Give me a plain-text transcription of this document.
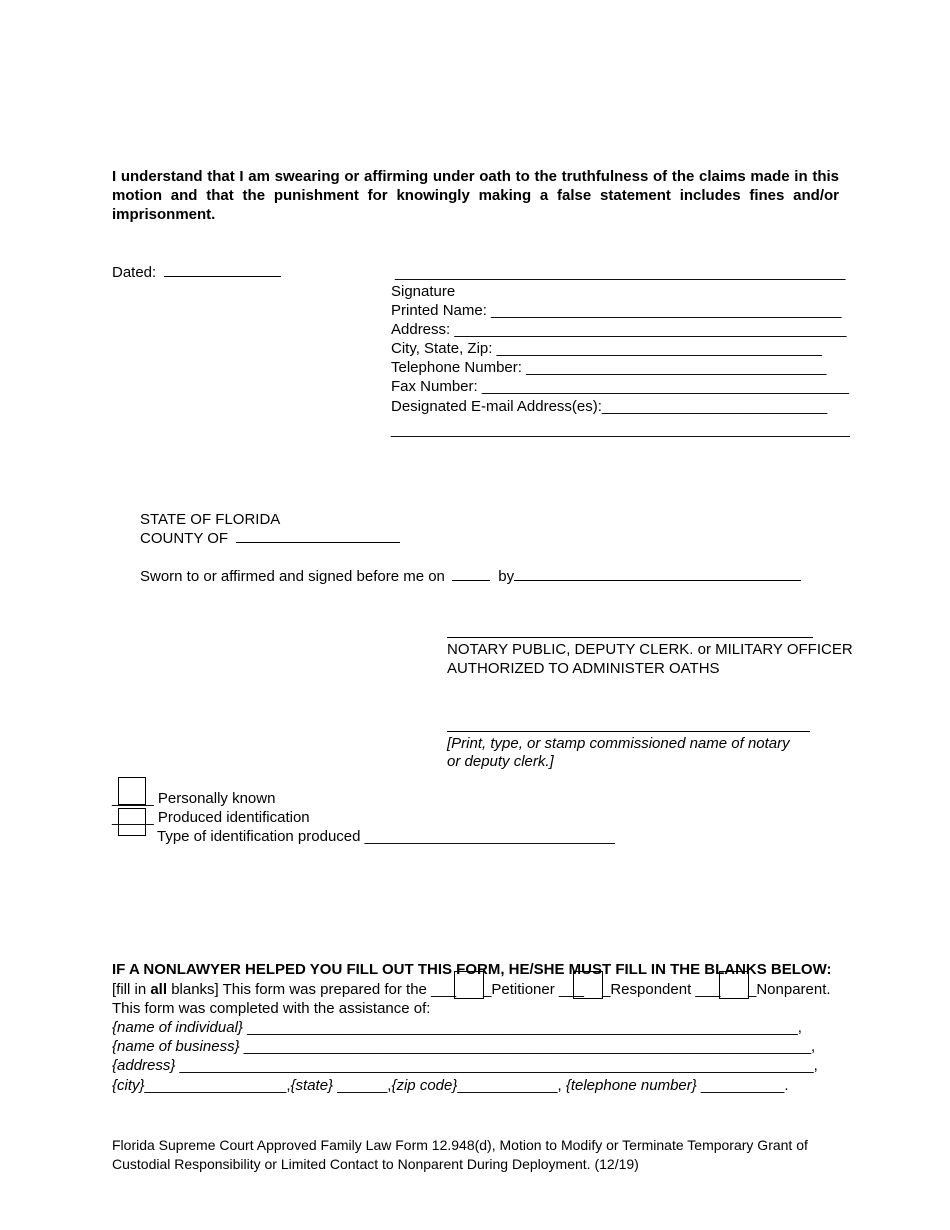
I understand that I am swearing or affirming under oath to the truthfulness of the claims made in this motion and that the punishment for knowingly making a false statement includes fines and/or imprisonment.
Dated:	______________________________________________________
Signature
Printed Name: __________________________________________
Address: _______________________________________________
City, State, Zip: _______________________________________
Telephone Number: ____________________________________
Fax Number: ____________________________________________
Designated E-mail Address(es):___________________________
_______________________________________________________
STATE OF FLORIDA
COUNTY OF
Sworn to or affirmed and signed before me on	by
NOTARY PUBLIC, DEPUTY CLERK. or MILITARY OFFICER
AUTHORIZED TO ADMINISTER OATHS
[Print, type, or stamp commissioned name of notary
or deputy clerk.]
_____ Personally known
_____ Produced identification
Type of identification produced ______________________________
IF A NONLAWYER HELPED YOU FILL OUT THIS FORM, HE/SHE MUST FILL IN THE BLANKS BELOW:
[fill in all blanks] This form was prepared for the ___ _Petitioner ___ _Respondent ___ _Nonparent.
This form was completed with the assistance of:
{name of individual} __________________________________________________________________,
{name of business} ____________________________________________________________________,
{address} ____________________________________________________________________________,
{city}_________________,{state} ______,{zip code}____________, {telephone number} __________.
Florida Supreme Court Approved Family Law Form 12.948(d), Motion to Modify or Terminate Temporary Grant of Custodial Responsibility or Limited Contact to Nonparent During Deployment. (12/19)
